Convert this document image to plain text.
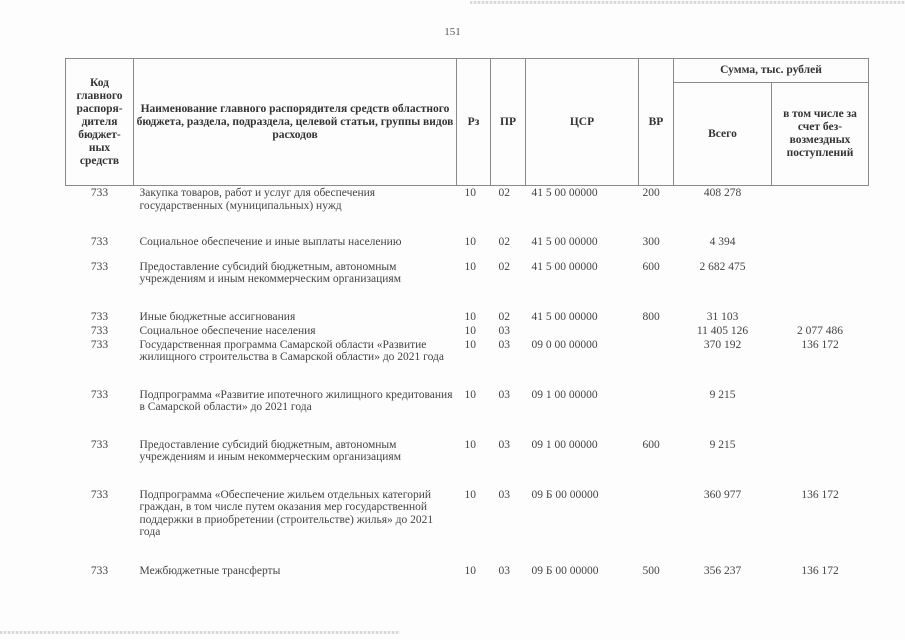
151
Код главного распоря-дителя бюджет-ных средств	Наименование главного распорядителя средств областного бюджета, раздела, подраздела, целевой статьи, группы видов расходов	Рз	ПР	ЦСР	ВР	Сумма, тыс. рублей	
						Всего	в том числе за счет без-возмездных поступлений
733	Закупка товаров, работ и услуг для обеспечения государственных (муниципальных) нужд	10	02	41 5 00 00000	200	408 278	
733	Социальное обеспечение и иные выплаты населению	10	02	41 5 00 00000	300	4 394	
733	Предоставление субсидий бюджетным, автономным учреждениям и иным некоммерческим организациям	10	02	41 5 00 00000	600	2 682 475	
733	Иные бюджетные ассигнования	10	02	41 5 00 00000	800	31 103	
733	Социальное обеспечение населения	10	03			11 405 126	2 077 486
733	Государственная программа Самарской области «Развитие жилищного строительства в Самарской области» до 2021 года	10	03	09 0 00 00000		370 192	136 172
733	Подпрограмма «Развитие ипотечного жилищного кредитования в Самарской области» до 2021 года	10	03	09 1 00 00000		9 215	
733	Предоставление субсидий бюджетным, автономным учреждениям и иным некоммерческим организациям	10	03	09 1 00 00000	600	9 215	
733	Подпрограмма «Обеспечение жильем отдельных категорий граждан, в том числе путем оказания мер государственной поддержки в приобретении (строительстве) жилья» до 2021 года	10	03	09 Б 00 00000		360 977	136 172
733	Межбюджетные трансферты	10	03	09 Б 00 00000	500	356 237	136 172
